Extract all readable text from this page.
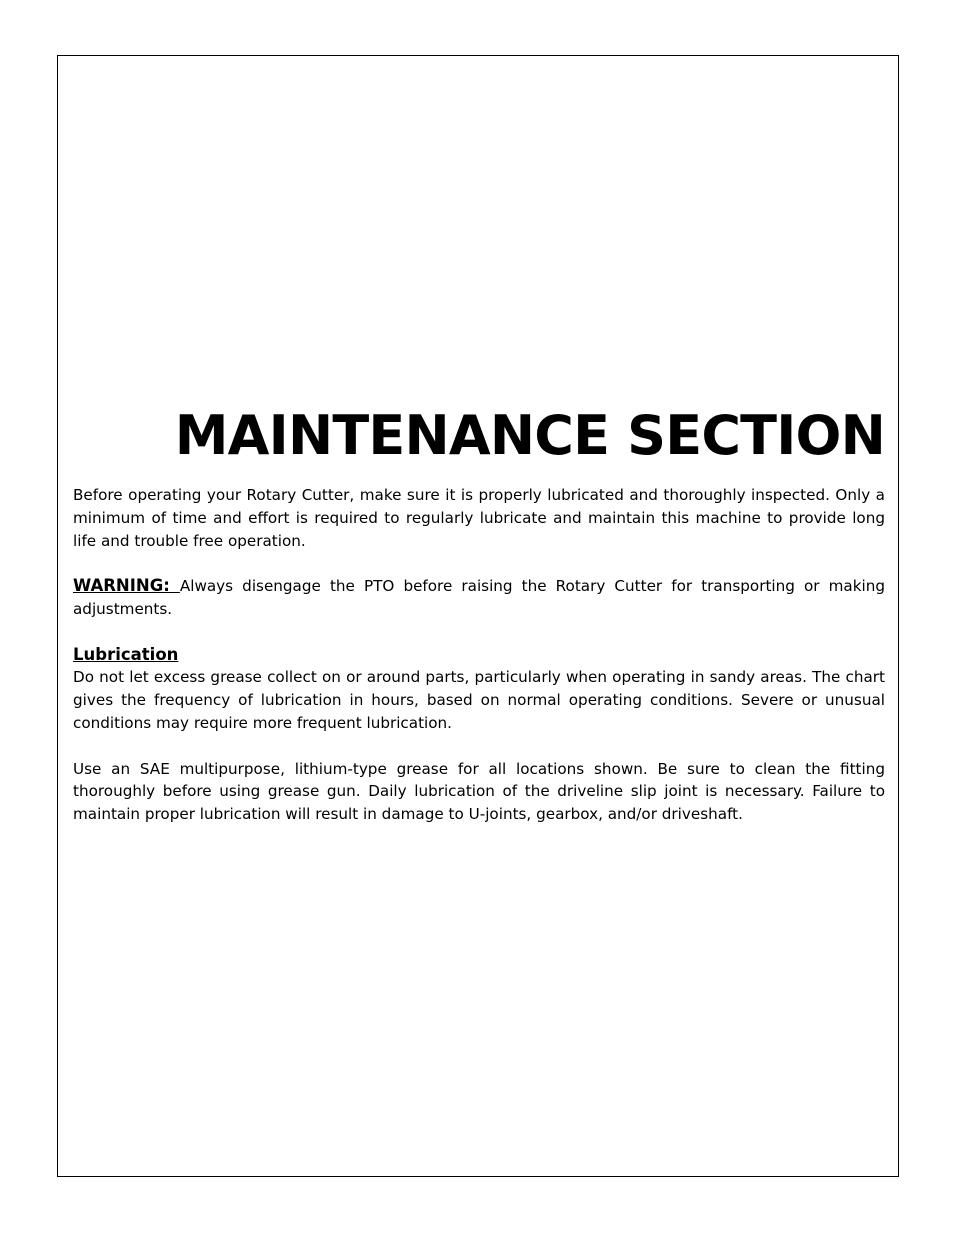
MAINTENANCE SECTION

Before operating your Rotary Cutter, make sure it is properly lubricated and thoroughly inspected. Only a minimum of time and effort is required to regularly lubricate and maintain this machine to provide long life and trouble free operation.

WARNING: Always disengage the PTO before raising the Rotary Cutter for transporting or making adjustments.

Lubrication

Do not let excess grease collect on or around parts, particularly when operating in sandy areas. The chart gives the frequency of lubrication in hours, based on normal operating conditions. Severe or unusual conditions may require more frequent lubrication.

Use an SAE multipurpose, lithium-type grease for all locations shown. Be sure to clean the fitting thoroughly before using grease gun. Daily lubrication of the driveline slip joint is necessary. Failure to maintain proper lubrication will result in damage to U-joints, gearbox, and/or driveshaft.
